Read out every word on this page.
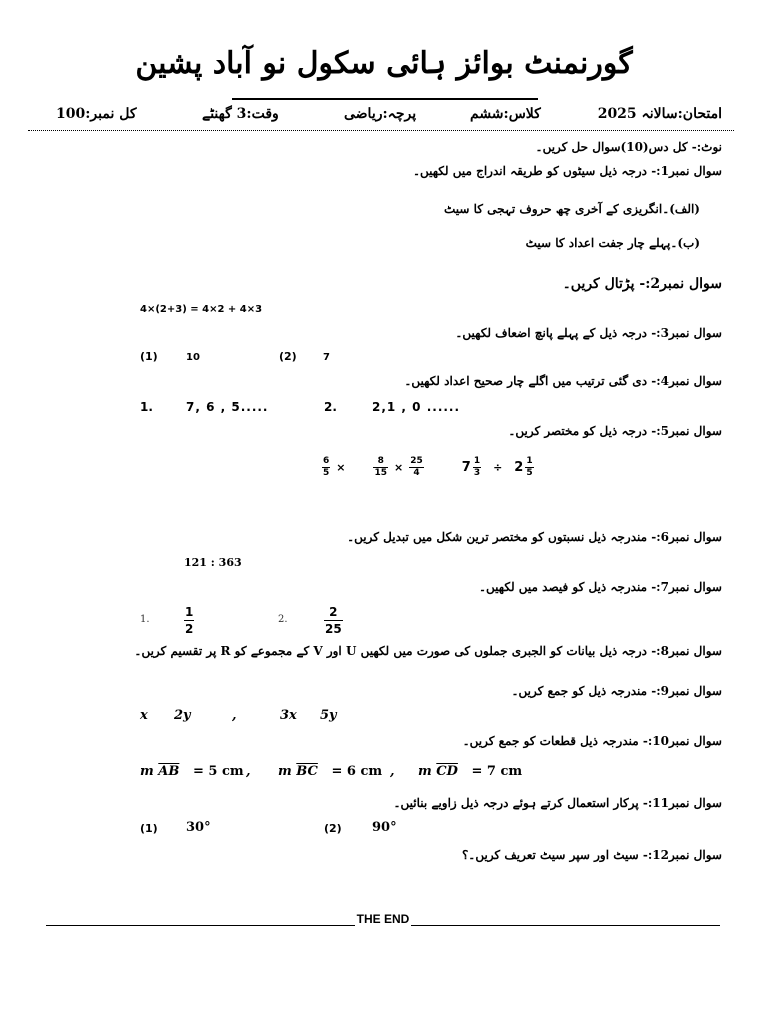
گورنمنٹ بوائز ہائی سکول نو آباد پشین
امتحان:سالانہ 2025
کلاس:ششم
پرچہ:ریاضی
وقت:3 گھنٹے
کل نمبر:100
نوٹ:- کل دس(10)سوال حل کریں۔
سوال نمبر1:- درجہ ذیل سیٹوں کو طریقہ اندراج میں لکھیں۔
(الف)۔انگریزی کے آخری چھ حروف تہجی کا سیٹ
(ب)۔پہلے چار جفت اعداد کا سیٹ
سوال نمبر2:- پڑتال کریں۔
4×(2+3) = 4×2 + 4×3
سوال نمبر3:- درجہ ذیل کے پہلے پانچ اضعاف لکھیں۔
(1)	10	(2)	7
سوال نمبر4:- دی گئی ترتیب میں اگلے چار صحیح اعداد لکھیں۔
1.	7, 6 , 5.....	2.	2,1 , 0 ......
سوال نمبر5:- درجہ ذیل کو مختصر کریں۔
$\frac{6}{5}$ ×	$\frac{8}{15} \times \frac{25}{4}$	$7 \frac{1}{3} \div 2 \frac{1}{5}$
سوال نمبر6:- مندرجہ ذیل نسبتوں کو مختصر ترین شکل میں تبدیل کریں۔
121 : 363
سوال نمبر7:- مندرجہ ذیل کو فیصد میں لکھیں۔
1.	$\frac{1}{2}$	2.	$\frac{2}{25}$
سوال نمبر8:- درجہ ذیل بیانات کو الجبری جملوں کی صورت میں لکھیں U اور V کے مجموعے کو R پر تقسیم کریں۔
سوال نمبر9:- مندرجہ ذیل کو جمع کریں۔
x 2y	,	3x 5y
سوال نمبر10:- مندرجہ ذیل قطعات کو جمع کریں۔
m
$\overline{AB}$
= 5 cm , m
$\overline{BC}$
= 6 cm , m
$\overline{CD}$
= 7 cm
سوال نمبر11:- پرکار استعمال کرتے ہوئے درجہ ذیل زاویے بنائیں۔
(1) 30°	(2) 90°
سوال نمبر12:- سیٹ اور سپر سیٹ تعریف کریں۔؟
THE END
